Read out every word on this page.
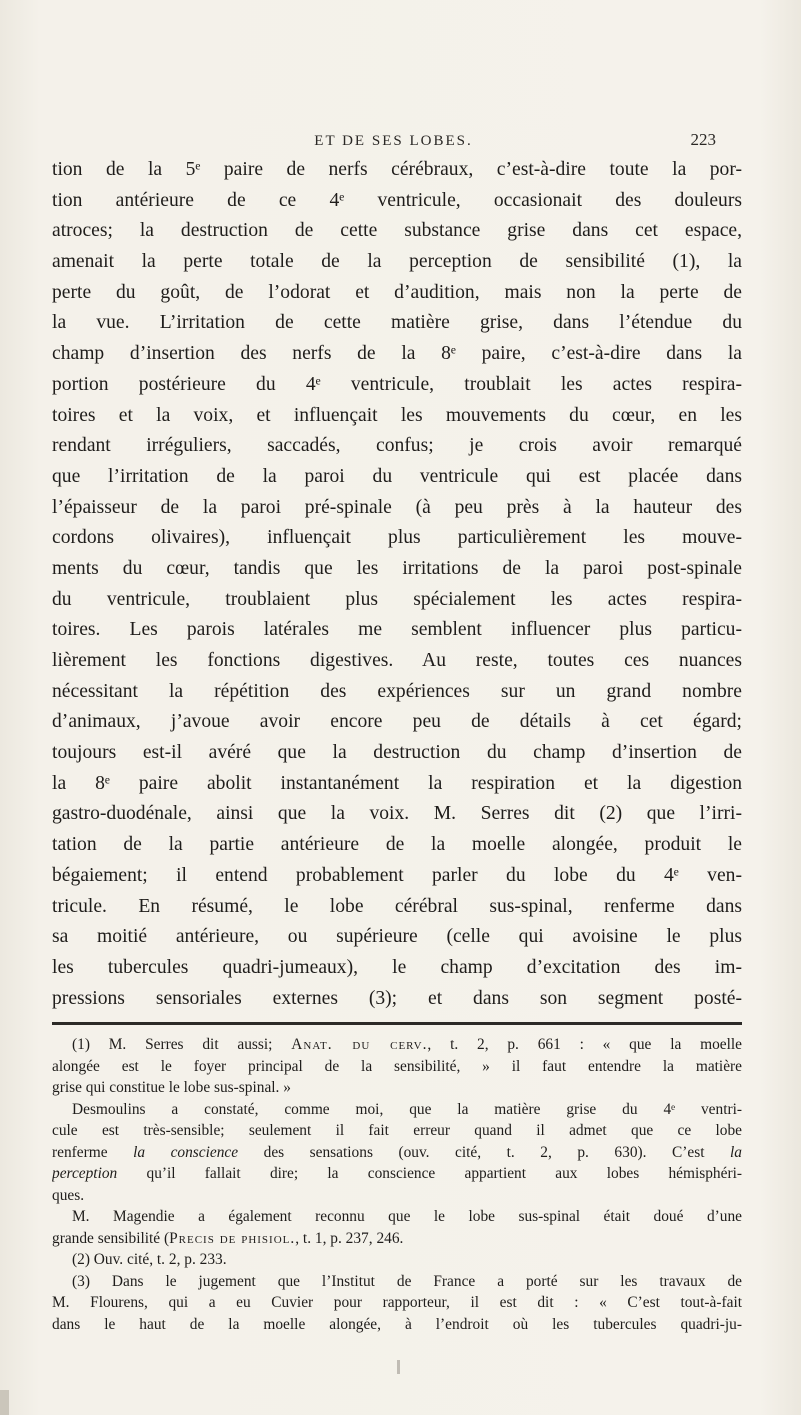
ET DE SES LOBES.	223
tion de la 5ᵉ paire de nerfs cérébraux, c’est-à-dire toute la por-
tion antérieure de ce 4ᵉ ventricule, occasionait des douleurs
atroces; la destruction de cette substance grise dans cet espace,
amenait la perte totale de la perception de sensibilité (1), la
perte du goût, de l’odorat et d’audition, mais non la perte de
la vue. L’irritation de cette matière grise, dans l’étendue du
champ d’insertion des nerfs de la 8ᵉ paire, c’est-à-dire dans la
portion postérieure du 4ᵉ ventricule, troublait les actes respira-
toires et la voix, et influençait les mouvements du cœur, en les
rendant irréguliers, saccadés, confus; je crois avoir remarqué
que l’irritation de la paroi du ventricule qui est placée dans
l’épaisseur de la paroi pré-spinale (à peu près à la hauteur des
cordons olivaires), influençait plus particulièrement les mouve-
ments du cœur, tandis que les irritations de la paroi post-spinale
du ventricule, troublaient plus spécialement les actes respira-
toires. Les parois latérales me semblent influencer plus particu-
lièrement les fonctions digestives. Au reste, toutes ces nuances
nécessitant la répétition des expériences sur un grand nombre
d’animaux, j’avoue avoir encore peu de détails à cet égard;
toujours est-il avéré que la destruction du champ d’insertion de
la 8ᵉ paire abolit instantanément la respiration et la digestion
gastro-duodénale, ainsi que la voix. M. Serres dit (2) que l’irri-
tation de la partie antérieure de la moelle alongée, produit le
bégaiement; il entend probablement parler du lobe du 4ᵉ ven-
tricule. En résumé, le lobe cérébral sus-spinal, renferme dans
sa moitié antérieure, ou supérieure (celle qui avoisine le plus
les tubercules quadri-jumeaux), le champ d’excitation des im-
pressions sensoriales externes (3); et dans son segment posté-
(1) M. Serres dit aussi; Anat. du cerv., t. 2, p. 661 : « que la moelle
alongée est le foyer principal de la sensibilité, » il faut entendre la matière
grise qui constitue le lobe sus-spinal. »
Desmoulins a constaté, comme moi, que la matière grise du 4ᵉ ventri-
cule est très-sensible; seulement il fait erreur quand il admet que ce lobe
renferme la conscience des sensations (ouv. cité, t. 2, p. 630). C’est la
perception qu’il fallait dire; la conscience appartient aux lobes hémisphéri-
ques.
M. Magendie a également reconnu que le lobe sus-spinal était doué d’une
grande sensibilité (Precis de phisiol., t. 1, p. 237, 246.
(2) Ouv. cité, t. 2, p. 233.
(3) Dans le jugement que l’Institut de France a porté sur les travaux de
M. Flourens, qui a eu Cuvier pour rapporteur, il est dit : « C’est tout-à-fait
dans le haut de la moelle alongée, à l’endroit où les tubercules quadri-ju-
